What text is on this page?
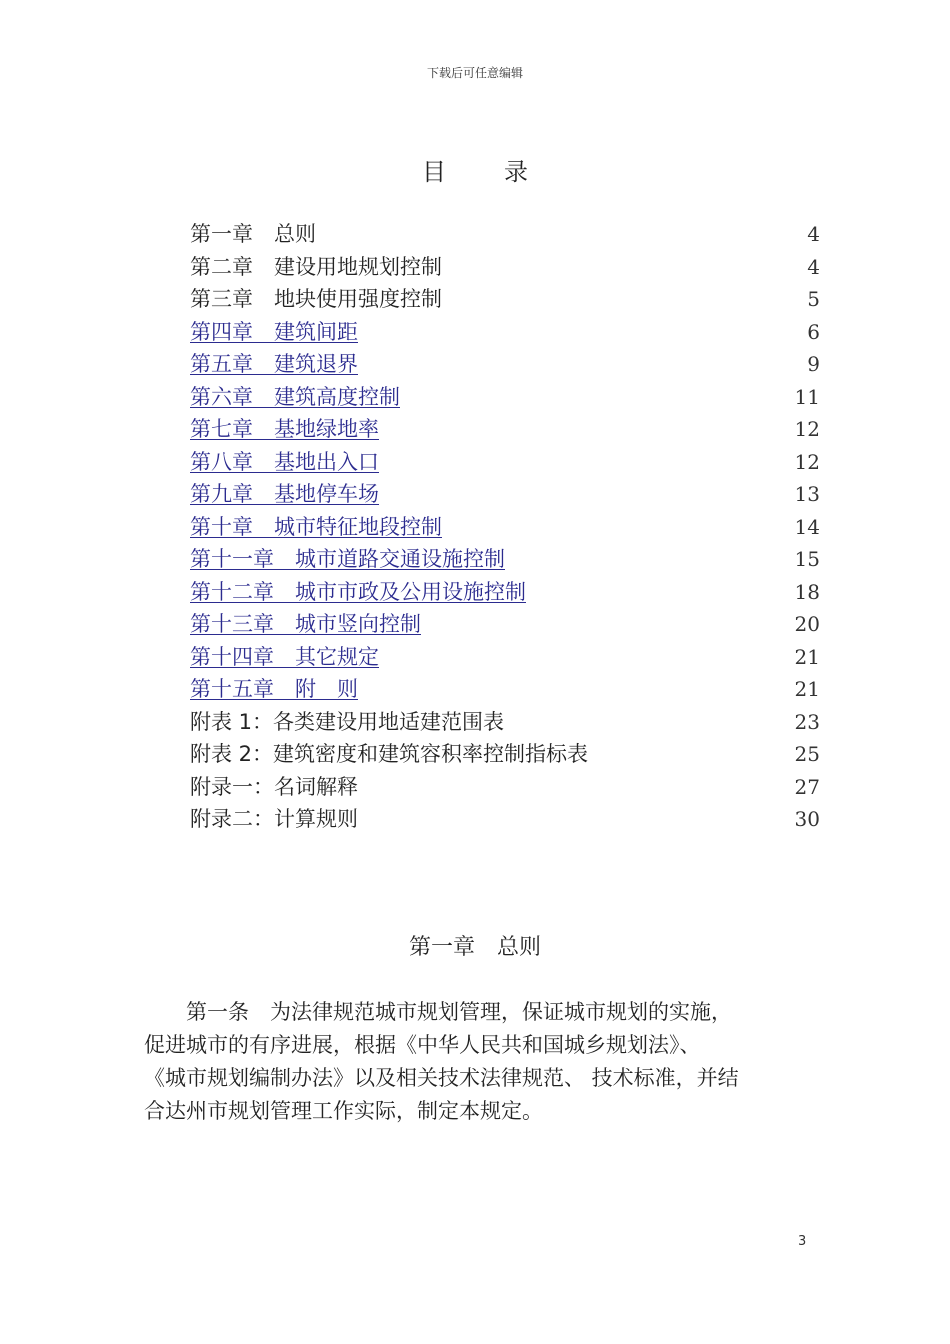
下载后可任意编辑
目录
第一章　总则	4
第二章　建设用地规划控制	4
第三章　地块使用强度控制	5
第四章　建筑间距	6
第五章　建筑退界	9
第六章　建筑高度控制	11
第七章　基地绿地率	12
第八章　基地出入口	12
第九章　基地停车场	13
第十章　城市特征地段控制	14
第十一章　城市道路交通设施控制	15
第十二章　城市市政及公用设施控制	18
第十三章　城市竖向控制	20
第十四章　其它规定	21
第十五章　附　则	21
附表 1：各类建设用地适建范围表	23
附表 2：建筑密度和建筑容积率控制指标表	25
附录一：名词解释	27
附录二：计算规则	30
第一章　总则
　　第一条　为法律规范城市规划管理，保证城市规划的实施，
促进城市的有序进展，根据《中华人民共和国城乡规划法》、
《城市规划编制办法》以及相关技术法律规范、 技术标准，并结
合达州市规划管理工作实际，制定本规定。
3
